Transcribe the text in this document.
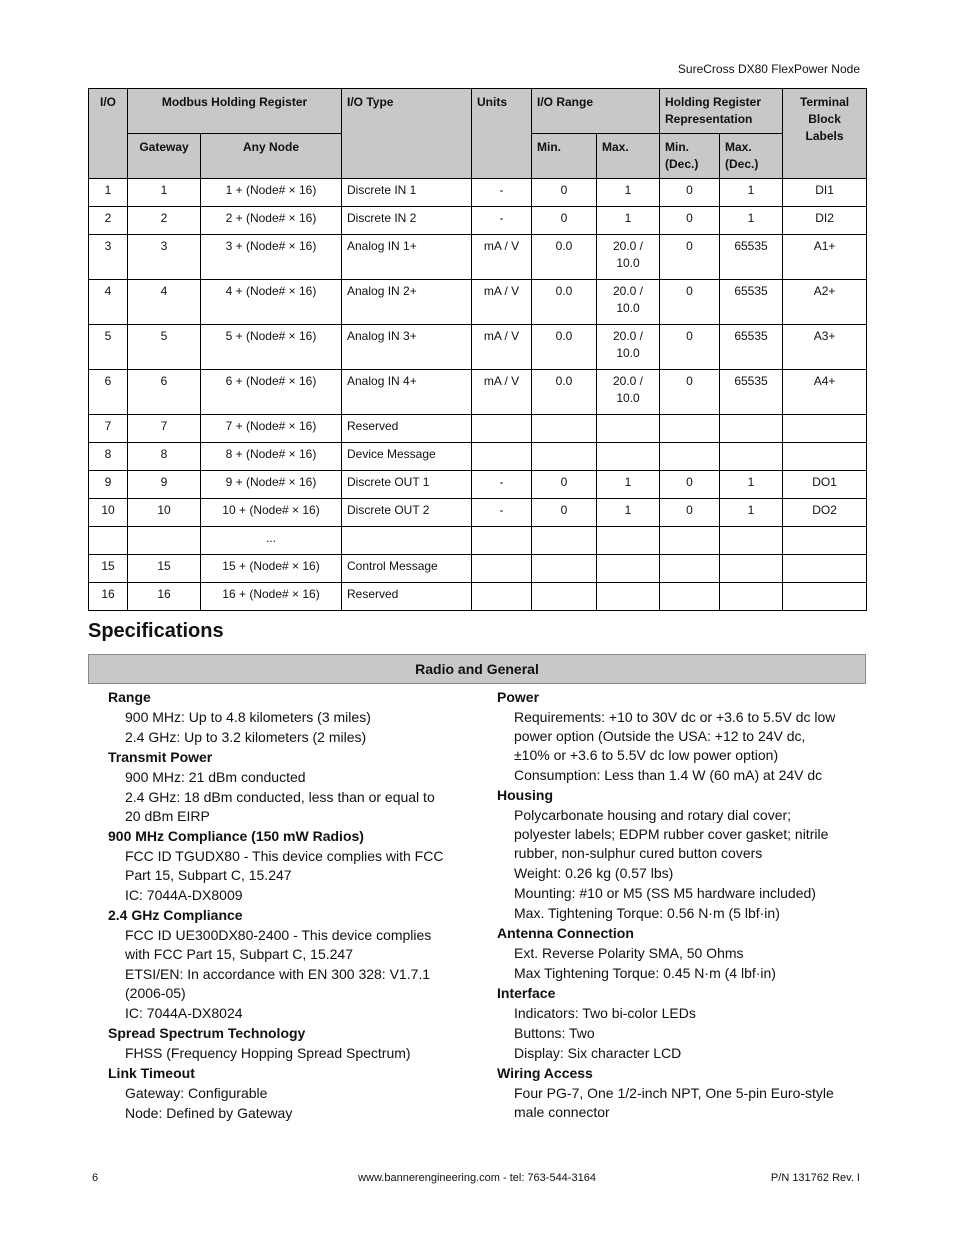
SureCross DX80 FlexPower Node
I/O	Modbus Holding Register		I/O Type	Units	I/O Range		Holding Register Representation		Terminal Block Labels
	Gateway	Any Node			Min.	Max.	Min. (Dec.)	Max. (Dec.)	
1	1	1 + (Node# × 16)	Discrete IN 1	-	0	1	0	1	DI1
2	2	2 + (Node# × 16)	Discrete IN 2	-	0	1	0	1	DI2
3	3	3 + (Node# × 16)	Analog IN 1+	mA / V	0.0	20.0 / 10.0	0	65535	A1+
4	4	4 + (Node# × 16)	Analog IN 2+	mA / V	0.0	20.0 / 10.0	0	65535	A2+
5	5	5 + (Node# × 16)	Analog IN 3+	mA / V	0.0	20.0 / 10.0	0	65535	A3+
6	6	6 + (Node# × 16)	Analog IN 4+	mA / V	0.0	20.0 / 10.0	0	65535	A4+
7	7	7 + (Node# × 16)	Reserved						
8	8	8 + (Node# × 16)	Device Message						
9	9	9 + (Node# × 16)	Discrete OUT 1	-	0	1	0	1	DO1
10	10	10 + (Node# × 16)	Discrete OUT 2	-	0	1	0	1	DO2
		...							
15	15	15 + (Node# × 16)	Control Message						
16	16	16 + (Node# × 16)	Reserved						
Specifications
Radio and General
Range
900 MHz: Up to 4.8 kilometers (3 miles)
2.4 GHz: Up to 3.2 kilometers (2 miles)
Transmit Power
900 MHz: 21 dBm conducted
2.4 GHz: 18 dBm conducted, less than or equal to 20 dBm EIRP
900 MHz Compliance (150 mW Radios)
FCC ID TGUDX80 - This device complies with FCC Part 15, Subpart C, 15.247
IC: 7044A-DX8009
2.4 GHz Compliance
FCC ID UE300DX80-2400 - This device complies with FCC Part 15, Subpart C, 15.247
ETSI/EN: In accordance with EN 300 328: V1.7.1 (2006-05)
IC: 7044A-DX8024
Spread Spectrum Technology
FHSS (Frequency Hopping Spread Spectrum)
Link Timeout
Gateway: Configurable
Node: Defined by Gateway
Power
Requirements: +10 to 30V dc or +3.6 to 5.5V dc low power option (Outside the USA: +12 to 24V dc, ±10% or +3.6 to 5.5V dc low power option)
Consumption: Less than 1.4 W (60 mA) at 24V dc
Housing
Polycarbonate housing and rotary dial cover; polyester labels; EDPM rubber cover gasket; nitrile rubber, non-sulphur cured button covers
Weight: 0.26 kg (0.57 lbs)
Mounting: #10 or M5 (SS M5 hardware included)
Max. Tightening Torque: 0.56 N·m (5 lbf·in)
Antenna Connection
Ext. Reverse Polarity SMA, 50 Ohms
Max Tightening Torque: 0.45 N·m (4 lbf·in)
Interface
Indicators: Two bi-color LEDs
Buttons: Two
Display: Six character LCD
Wiring Access
Four PG-7, One 1/2-inch NPT, One 5-pin Euro-style male connector
6	www.bannerengineering.com - tel: 763-544-3164	P/N 131762 Rev. I
